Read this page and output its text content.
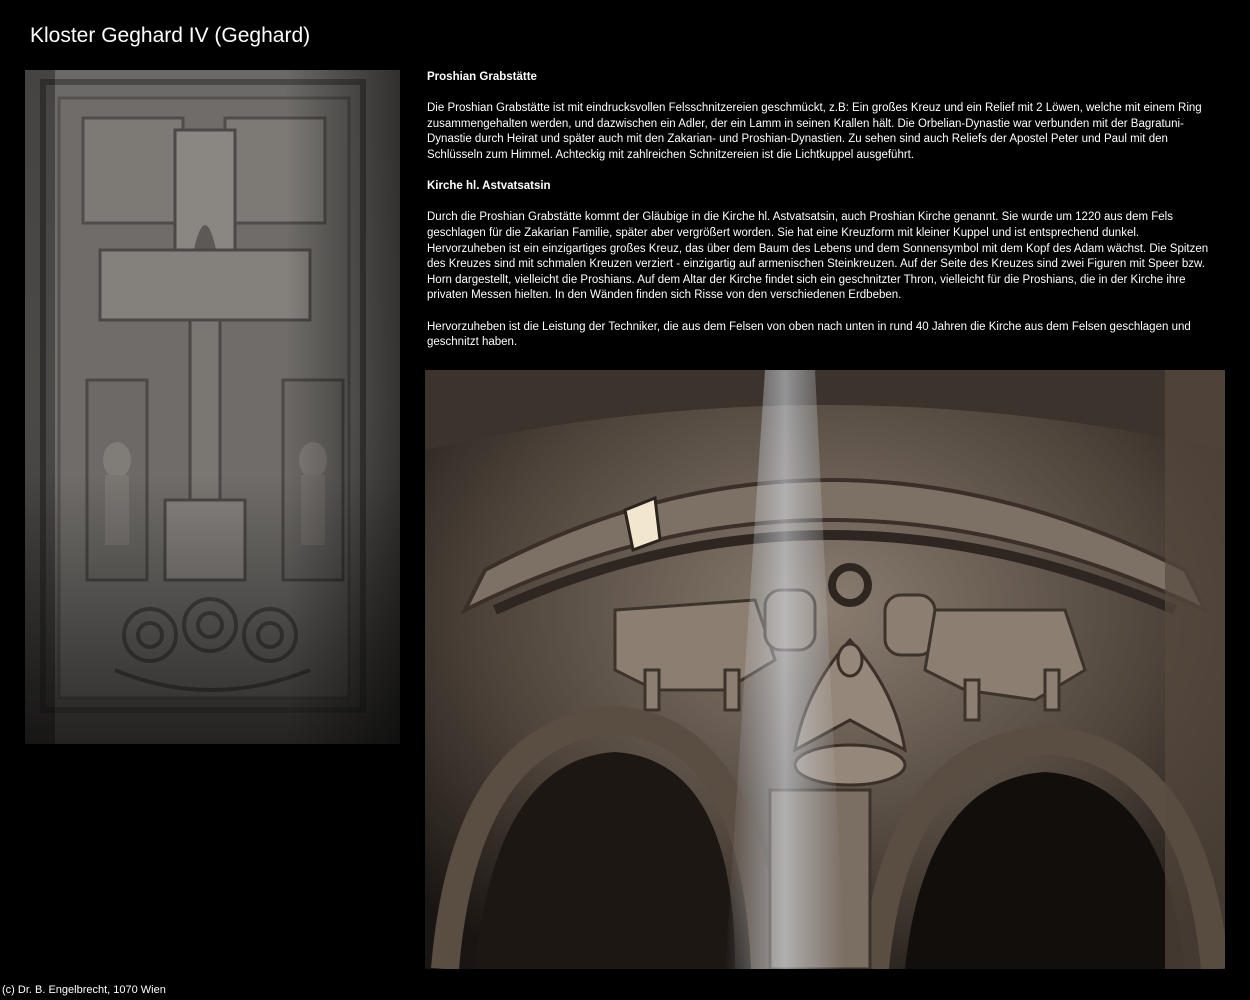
Kloster Geghard IV (Geghard)
Proshian Grabstätte

Die Proshian Grabstätte ist mit eindrucksvollen Felsschnitzereien geschmückt, z.B: Ein großes Kreuz und ein Relief mit 2 Löwen, welche mit einem Ring zusammengehalten werden, und dazwischen ein Adler, der ein Lamm in seinen Krallen hält. Die Orbelian-Dynastie war verbunden mit der Bagratuni-Dynastie durch Heirat und später auch mit den Zakarian- und Proshian-Dynastien. Zu sehen sind auch Reliefs der Apostel Peter und Paul mit den Schlüsseln zum Himmel. Achteckig mit zahlreichen Schnitzereien ist die Lichtkuppel ausgeführt.

Kirche hl. Astvatsatsin

Durch die Proshian Grabstätte kommt der Gläubige in die Kirche hl. Astvatsatsin, auch Proshian Kirche genannt. Sie wurde um 1220 aus dem Fels geschlagen für die Zakarian Familie, später aber vergrößert worden. Sie hat eine Kreuzform mit kleiner Kuppel und ist entsprechend dunkel. Hervorzuheben ist ein einzigartiges großes Kreuz, das über dem Baum des Lebens und dem Sonnensymbol mit dem Kopf des Adam wächst. Die Spitzen des Kreuzes sind mit schmalen Kreuzen verziert - einzigartig auf armenischen Steinkreuzen. Auf der Seite des Kreuzes sind zwei Figuren mit Speer bzw. Horn dargestellt, vielleicht die Proshians. Auf dem Altar der Kirche findet sich ein geschnitzter Thron, vielleicht für die Proshians, die in der Kirche ihre privaten Messen hielten. In den Wänden finden sich Risse von den verschiedenen Erdbeben.

Hervorzuheben ist die Leistung der Techniker, die aus dem Felsen von oben nach unten in rund 40 Jahren die Kirche aus dem Felsen geschlagen und geschnitzt haben.

(c) Dr. B. Engelbrecht, 1070 Wien
